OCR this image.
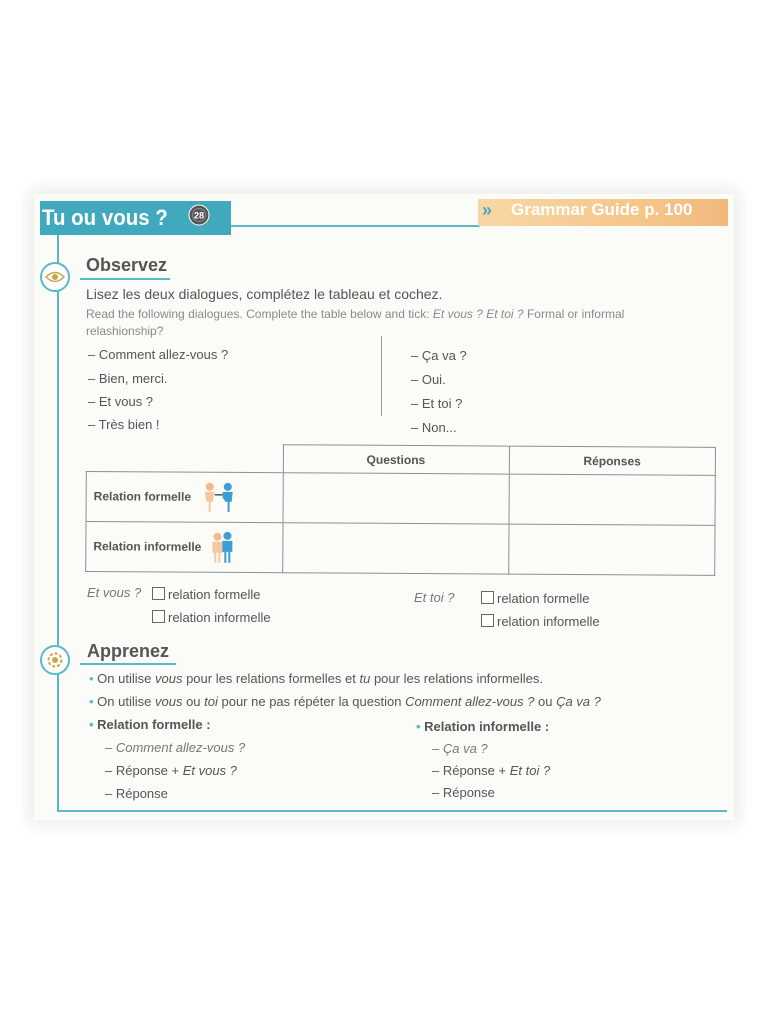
Tu ou vous ?	28	» Grammar Guide p. 100
Observez
Lisez les deux dialogues, complétez le tableau et cochez.
Read the following dialogues. Complete the table below and tick: Et vous ? Et toi ? Formal or informal
relashionship?
– Comment allez-vous ?
– Bien, merci.
– Et vous ?
– Très bien !
– Ça va ?
– Oui.
– Et toi ?
– Non...
	Questions	Réponses
Relation formelle		
Relation informelle		
Et vous ?	relation formelle
relation informelle
Et toi ?	relation formelle
relation informelle
Apprenez
• On utilise vous pour les relations formelles et tu pour les relations informelles.
• On utilise vous ou toi pour ne pas répéter la question Comment allez-vous ? ou Ça va ?
• Relation formelle :
– Comment allez-vous ?
– Réponse + Et vous ?
– Réponse
• Relation informelle :
– Ça va ?
– Réponse + Et toi ?
– Réponse
